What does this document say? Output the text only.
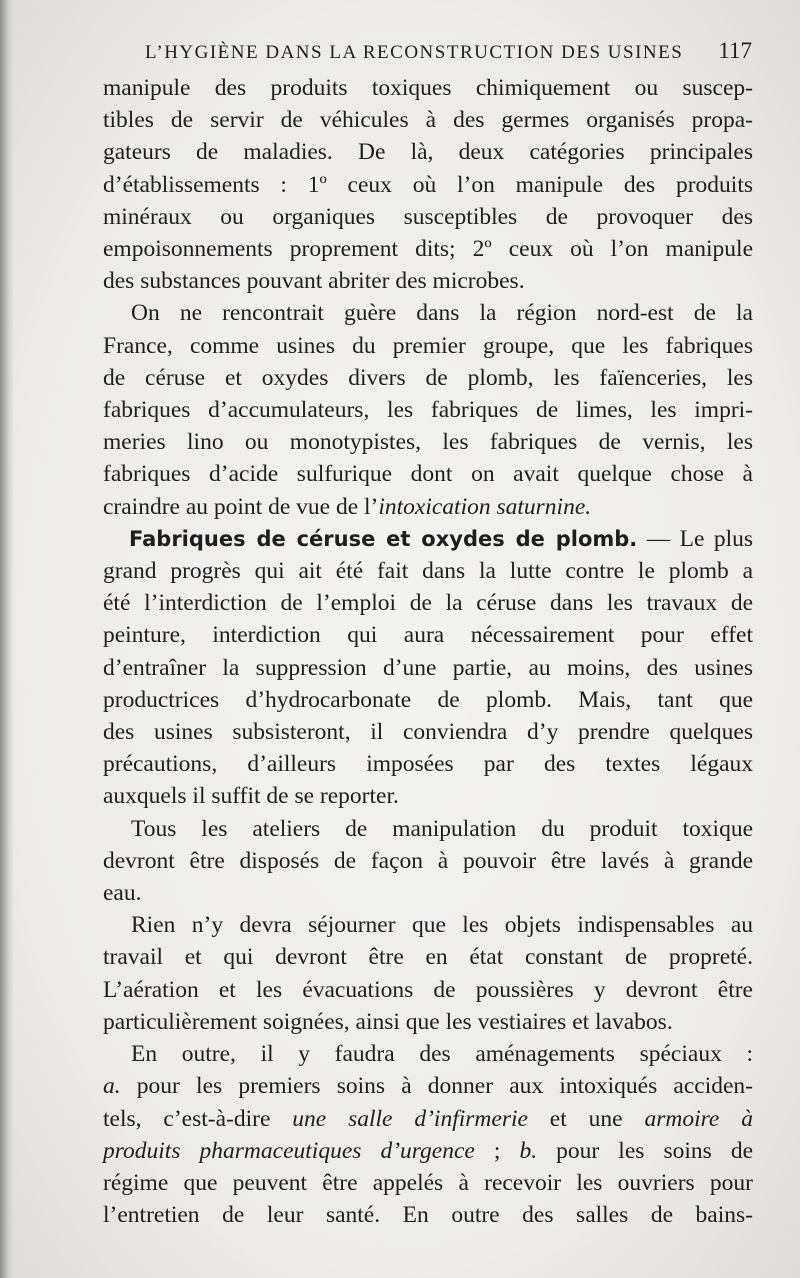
L’HYGIÈNE DANS LA RECONSTRUCTION DES USINES 117
manipule des produits toxiques chimiquement ou suscep-
tibles de servir de véhicules à des germes organisés propa-
gateurs de maladies. De là, deux catégories principales
d’établissements : 1º ceux où l’on manipule des produits
minéraux ou organiques susceptibles de provoquer des
empoisonnements proprement dits; 2º ceux où l’on manipule
des substances pouvant abriter des microbes.
On ne rencontrait guère dans la région nord-est de la
France, comme usines du premier groupe, que les fabriques
de céruse et oxydes divers de plomb, les faïenceries, les
fabriques d’accumulateurs, les fabriques de limes, les impri-
meries lino ou monotypistes, les fabriques de vernis, les
fabriques d’acide sulfurique dont on avait quelque chose à
craindre au point de vue de l’intoxication saturnine.
Fabriques de céruse et oxydes de plomb. — Le plus
grand progrès qui ait été fait dans la lutte contre le plomb a
été l’interdiction de l’emploi de la céruse dans les travaux de
peinture, interdiction qui aura nécessairement pour effet
d’entraîner la suppression d’une partie, au moins, des usines
productrices d’hydrocarbonate de plomb. Mais, tant que
des usines subsisteront, il conviendra d’y prendre quelques
précautions, d’ailleurs imposées par des textes légaux
auxquels il suffit de se reporter.
Tous les ateliers de manipulation du produit toxique
devront être disposés de façon à pouvoir être lavés à grande
eau.
Rien n’y devra séjourner que les objets indispensables au
travail et qui devront être en état constant de propreté.
L’aération et les évacuations de poussières y devront être
particulièrement soignées, ainsi que les vestiaires et lavabos.
En outre, il y faudra des aménagements spéciaux :
a. pour les premiers soins à donner aux intoxiqués acciden-
tels, c’est-à-dire une salle d’infirmerie et une armoire à
produits pharmaceutiques d’urgence ; b. pour les soins de
régime que peuvent être appelés à recevoir les ouvriers pour
l’entretien de leur santé. En outre des salles de bains-
